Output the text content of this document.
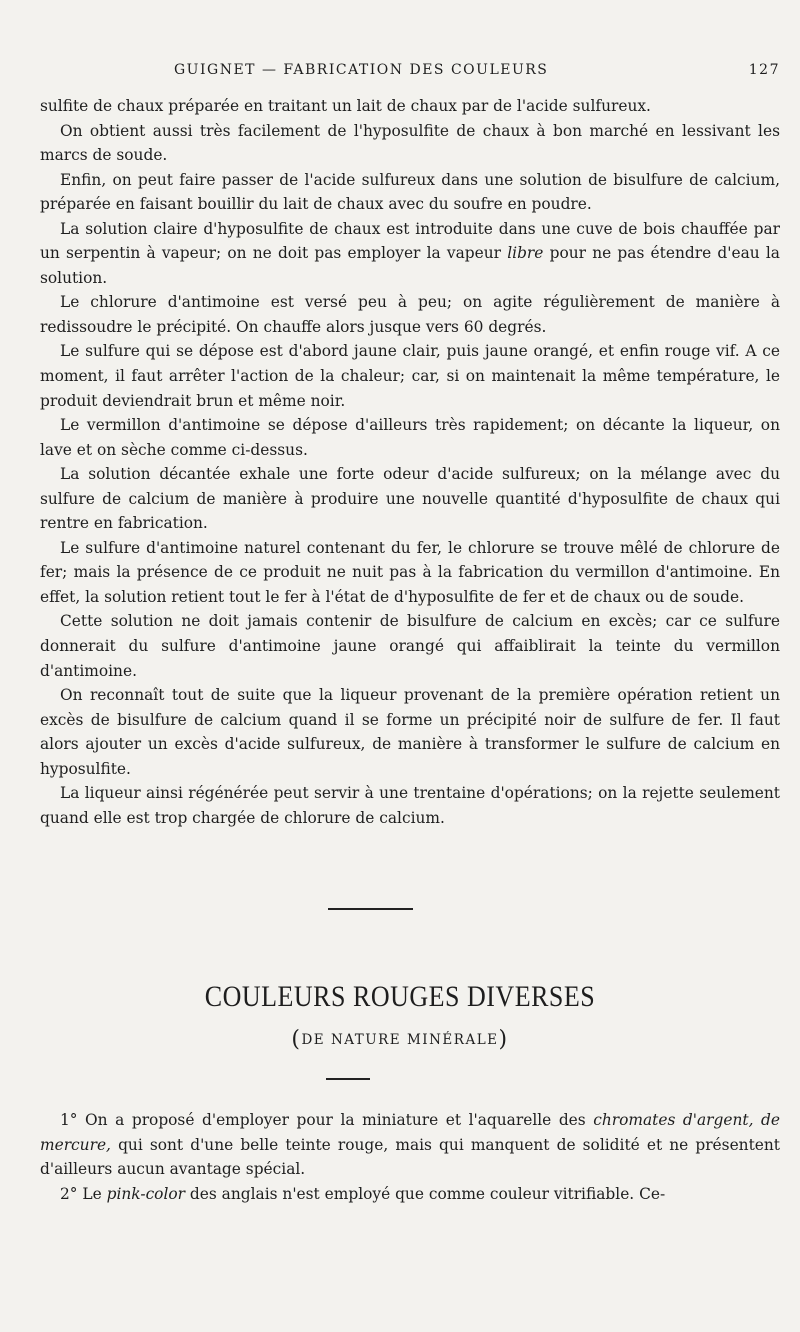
GUIGNET — FABRICATION DES COULEURS	127

sulfite de chaux préparée en traitant un lait de chaux par de l'acide sulfureux.

On obtient aussi très facilement de l'hyposulfite de chaux à bon marché en lessivant les marcs de soude.

Enfin, on peut faire passer de l'acide sulfureux dans une solution de bisulfure de calcium, préparée en faisant bouillir du lait de chaux avec du soufre en poudre.

La solution claire d'hyposulfite de chaux est introduite dans une cuve de bois chauffée par un serpentin à vapeur; on ne doit pas employer la vapeur libre pour ne pas étendre d'eau la solution.

Le chlorure d'antimoine est versé peu à peu; on agite régulièrement de manière à redissoudre le précipité. On chauffe alors jusque vers 60 degrés.

Le sulfure qui se dépose est d'abord jaune clair, puis jaune orangé, et enfin rouge vif. A ce moment, il faut arrêter l'action de la chaleur; car, si on maintenait la même température, le produit deviendrait brun et même noir.

Le vermillon d'antimoine se dépose d'ailleurs très rapidement; on décante la liqueur, on lave et on sèche comme ci-dessus.

La solution décantée exhale une forte odeur d'acide sulfureux; on la mélange avec du sulfure de calcium de manière à produire une nouvelle quantité d'hyposulfite de chaux qui rentre en fabrication.

Le sulfure d'antimoine naturel contenant du fer, le chlorure se trouve mêlé de chlorure de fer; mais la présence de ce produit ne nuit pas à la fabrication du vermillon d'antimoine. En effet, la solution retient tout le fer à l'état de d'hyposulfite de fer et de chaux ou de soude.

Cette solution ne doit jamais contenir de bisulfure de calcium en excès; car ce sulfure donnerait du sulfure d'antimoine jaune orangé qui affaiblirait la teinte du vermillon d'antimoine.

On reconnaît tout de suite que la liqueur provenant de la première opération retient un excès de bisulfure de calcium quand il se forme un précipité noir de sulfure de fer. Il faut alors ajouter un excès d'acide sulfureux, de manière à transformer le sulfure de calcium en hyposulfite.

La liqueur ainsi régénérée peut servir à une trentaine d'opérations; on la rejette seulement quand elle est trop chargée de chlorure de calcium.

COULEURS ROUGES DIVERSES
(DE NATURE MINÉRALE)

1° On a proposé d'employer pour la miniature et l'aquarelle des chromates d'argent, de mercure, qui sont d'une belle teinte rouge, mais qui manquent de solidité et ne présentent d'ailleurs aucun avantage spécial.

2° Le pink-color des anglais n'est employé que comme couleur vitrifiable. Ce-
